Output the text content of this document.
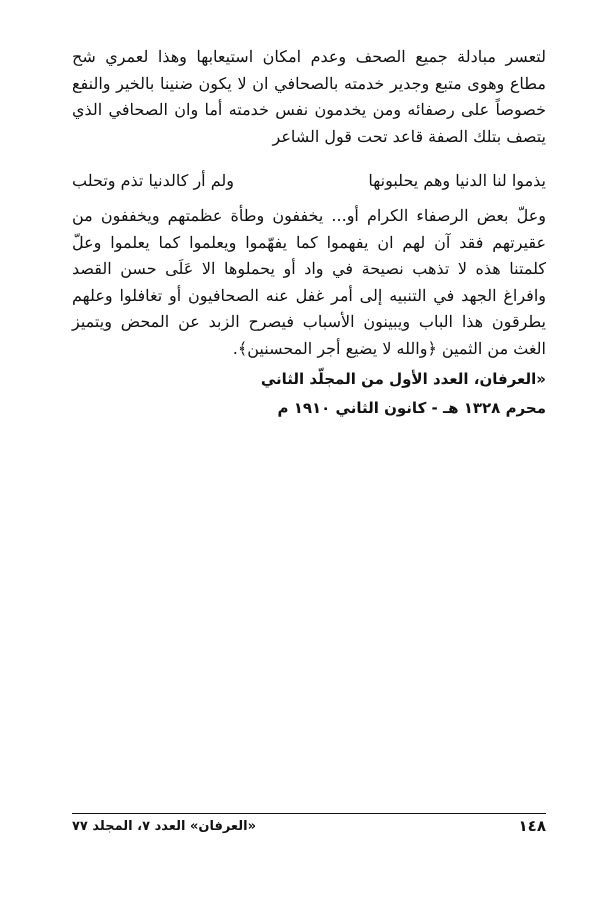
لتعسر مبادلة جميع الصحف وعدم امكان استيعابها وهذا لعمري شح مطاع وهوى متبع وجدير خدمته بالصحافي ان لا يكون ضنينا بالخير والنفع خصوصاً على رصفائه ومن يخدمون نفس خدمته أما وان الصحافي الذي يتصف بتلك الصفة قاعد تحت قول الشاعر

يذموا لنا الدنيا وهم يحلبونها
ولم أر كالدنيا تذم وتحلب

وعلّ بعض الرصفاء الكرام أو... يخففون وطأة عظمتهم ويخففون من عقيرتهم فقد آن لهم ان يفهموا كما يفهّموا ويعلموا كما يعلموا وعلّ كلمتنا هذه لا تذهب نصيحة في واد أو يحملوها الا عَلَى حسن القصد وافراغ الجهد في التنبيه إلى أمر غفل عنه الصحافيون أو تغافلوا وعلهم يطرقون هذا الباب ويبينون الأسباب فيصرح الزبد عن المحض ويتميز الغث من الثمين ﴿والله لا يضيع أجر المحسنين﴾.

«العرفان، العدد الأول من المجلّد الثاني
محرم ١٣٢٨ هـ - كانون الثاني ١٩١٠ م
١٤٨
«العرفان» العدد ٧، المجلد ٧٧
